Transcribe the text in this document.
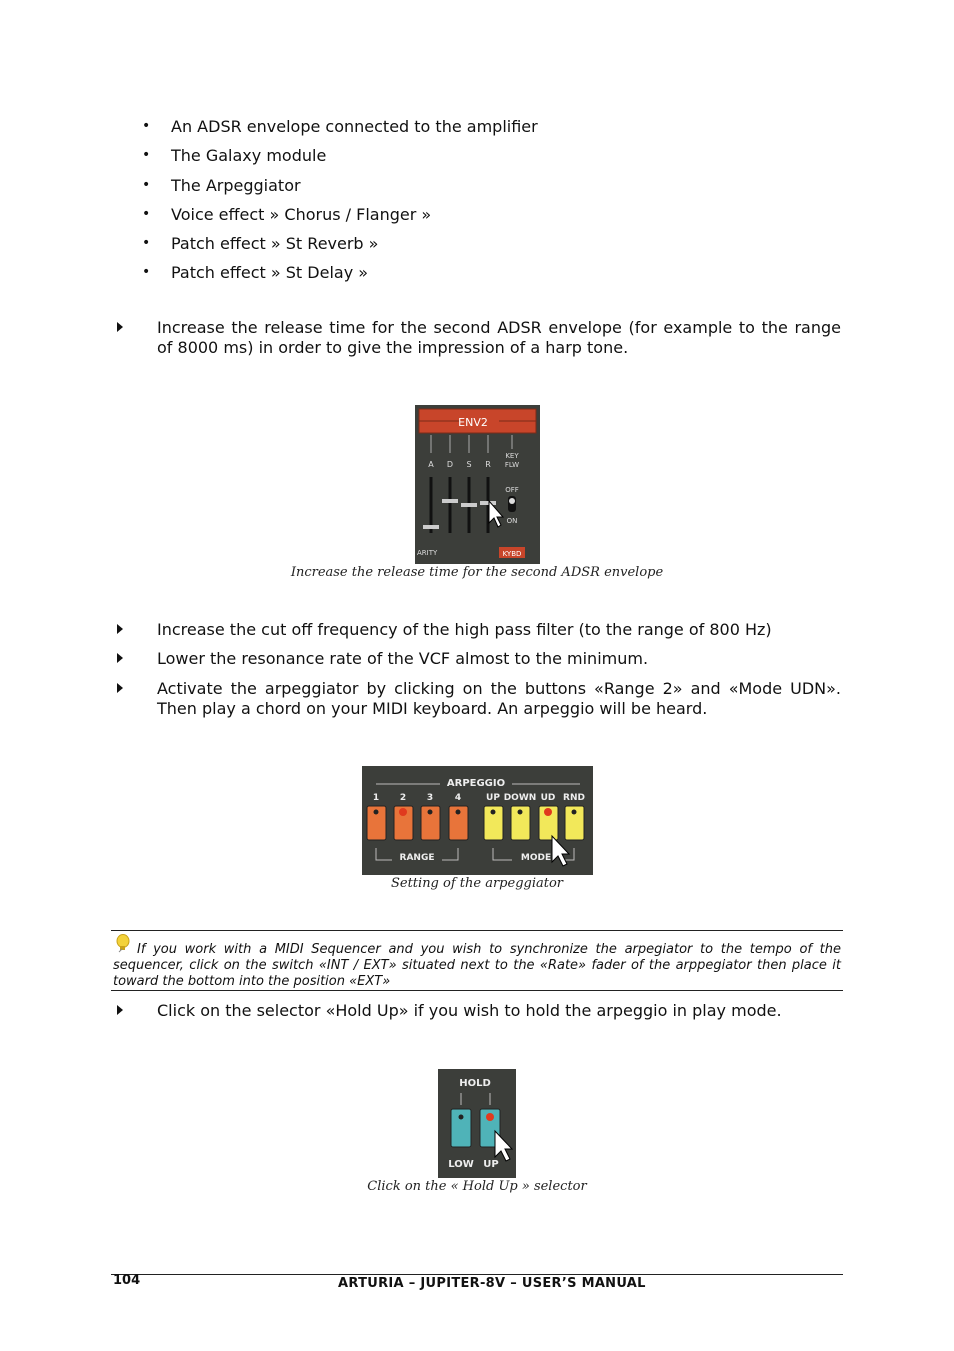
• An ADSR envelope connected to the amplifier
• The Galaxy module
• The Arpeggiator
• Voice effect » Chorus / Flanger »
• Patch effect » St Reverb »
• Patch effect » St Delay »
Increase the release time for the second ADSR envelope (for example to the range of 8000 ms) in order to give the impression of a harp tone.
ENV2
A D S R
KEY
FLW
OFF
ON
ARITY	KYBD
Increase the release time for the second ADSR envelope
Increase the cut off frequency of the high pass filter (to the range of 800 Hz)
Lower the resonance rate of the VCF almost to the minimum.
Activate the arpeggiator by clicking on the buttons «Range 2» and «Mode UDN». Then play a chord on your MIDI keyboard. An arpeggio will be heard.
ARPEGGIO
1 2 3 4	UP DOWN UD RND
RANGE	MODE
Setting of the arpeggiator
If you work with a MIDI Sequencer and you wish to synchronize the arpegiator to the tempo of the sequencer, click on the switch «INT / EXT» situated next to the «Rate» fader of the arppegiator then place it toward the bottom into the position «EXT»
Click on the selector «Hold Up» if you wish to hold the arpeggio in play mode.
HOLD
LOW UP
Click on the « Hold Up » selector
104	ARTURIA – JUPITER-8V – USER’S MANUAL
